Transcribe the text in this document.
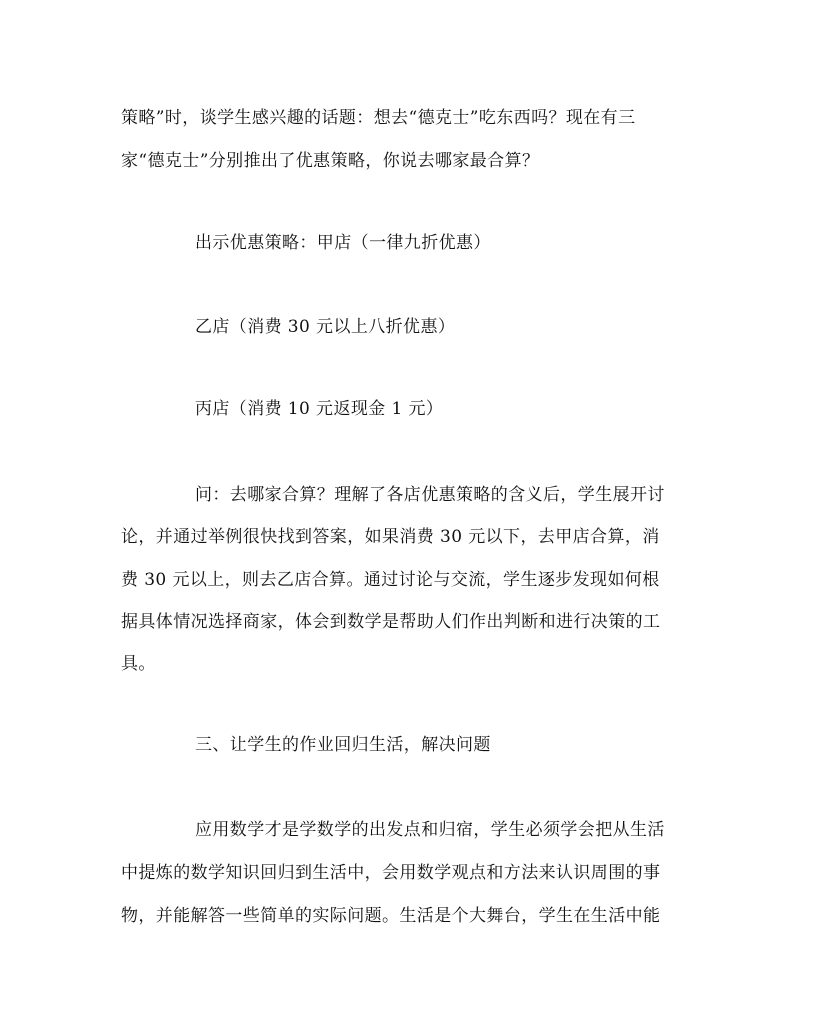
策略”时，谈学生感兴趣的话题：想去“德克士”吃东西吗？现在有三
家“德克士”分别推出了优惠策略，你说去哪家最合算？
出示优惠策略：甲店（一律九折优惠）
乙店（消费 30 元以上八折优惠）
丙店（消费 10 元返现金 1 元）
问：去哪家合算？理解了各店优惠策略的含义后，学生展开讨
论，并通过举例很快找到答案，如果消费 30 元以下，去甲店合算，消
费 30 元以上，则去乙店合算。通过讨论与交流，学生逐步发现如何根
据具体情况选择商家，体会到数学是帮助人们作出判断和进行决策的工
具。
三、让学生的作业回归生活，解决问题
应用数学才是学数学的出发点和归宿，学生必须学会把从生活
中提炼的数学知识回归到生活中，会用数学观点和方法来认识周围的事
物，并能解答一些简单的实际问题。生活是个大舞台，学生在生活中能
